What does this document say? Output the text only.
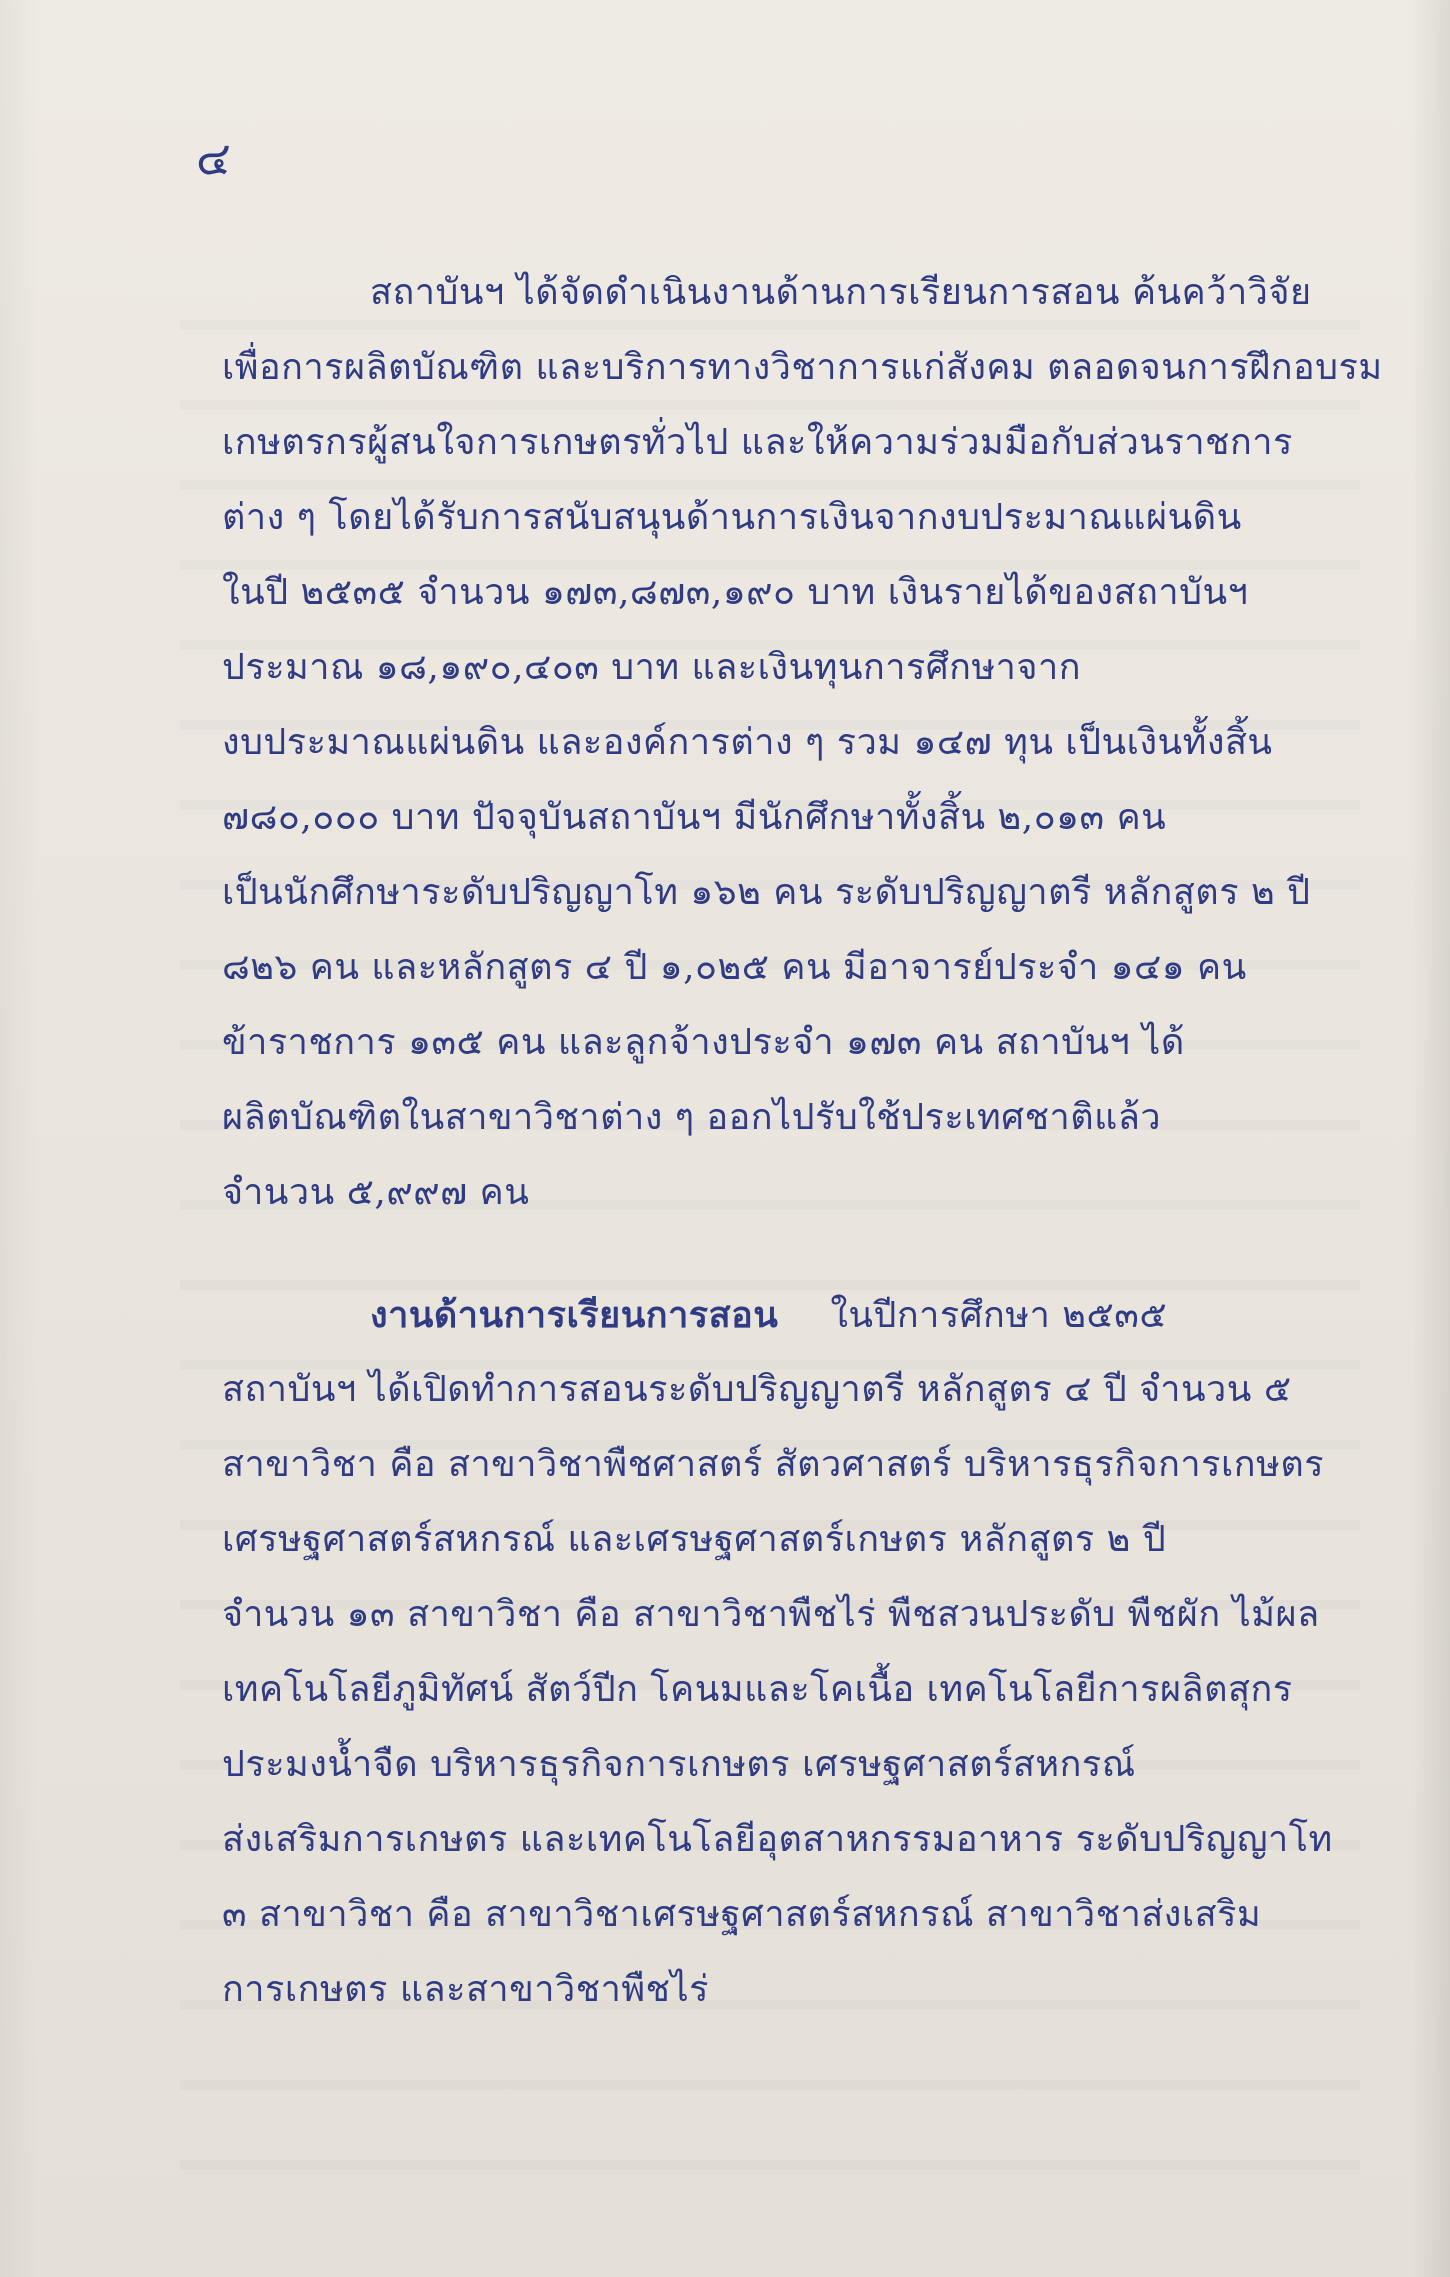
๔
สถาบันฯ ได้จัดดำเนินงานด้านการเรียนการสอน ค้นคว้าวิจัย
เพื่อการผลิตบัณฑิต และบริการทางวิชาการแก่สังคม ตลอดจนการฝึกอบรม
เกษตรกรผู้สนใจการเกษตรทั่วไป และให้ความร่วมมือกับส่วนราชการ
ต่าง ๆ โดยได้รับการสนับสนุนด้านการเงินจากงบประมาณแผ่นดิน
ในปี ๒๕๓๕ จำนวน ๑๗๓,๘๗๓,๑๙๐ บาท เงินรายได้ของสถาบันฯ
ประมาณ ๑๘,๑๙๐,๔๐๓ บาท และเงินทุนการศึกษาจาก
งบประมาณแผ่นดิน และองค์การต่าง ๆ รวม ๑๔๗ ทุน เป็นเงินทั้งสิ้น
๗๘๐,๐๐๐ บาท ปัจจุบันสถาบันฯ มีนักศึกษาทั้งสิ้น ๒,๐๑๓ คน
เป็นนักศึกษาระดับปริญญาโท ๑๖๒ คน ระดับปริญญาตรี หลักสูตร ๒ ปี
๘๒๖ คน และหลักสูตร ๔ ปี ๑,๐๒๕ คน มีอาจารย์ประจำ ๑๔๑ คน
ข้าราชการ ๑๓๕ คน และลูกจ้างประจำ ๑๗๓ คน สถาบันฯ ได้
ผลิตบัณฑิตในสาขาวิชาต่าง ๆ ออกไปรับใช้ประเทศชาติแล้ว
จำนวน ๕,๙๙๗ คน
งานด้านการเรียนการสอน ในปีการศึกษา ๒๕๓๕
สถาบันฯ ได้เปิดทำการสอนระดับปริญญาตรี หลักสูตร ๔ ปี จำนวน ๕
สาขาวิชา คือ สาขาวิชาพืชศาสตร์ สัตวศาสตร์ บริหารธุรกิจการเกษตร
เศรษฐศาสตร์สหกรณ์ และเศรษฐศาสตร์เกษตร หลักสูตร ๒ ปี
จำนวน ๑๓ สาขาวิชา คือ สาขาวิชาพืชไร่ พืชสวนประดับ พืชผัก ไม้ผล
เทคโนโลยีภูมิทัศน์ สัตว์ปีก โคนมและโคเนื้อ เทคโนโลยีการผลิตสุกร
ประมงน้ำจืด บริหารธุรกิจการเกษตร เศรษฐศาสตร์สหกรณ์
ส่งเสริมการเกษตร และเทคโนโลยีอุตสาหกรรมอาหาร ระดับปริญญาโท
๓ สาขาวิชา คือ สาขาวิชาเศรษฐศาสตร์สหกรณ์ สาขาวิชาส่งเสริม
การเกษตร และสาขาวิชาพืชไร่
